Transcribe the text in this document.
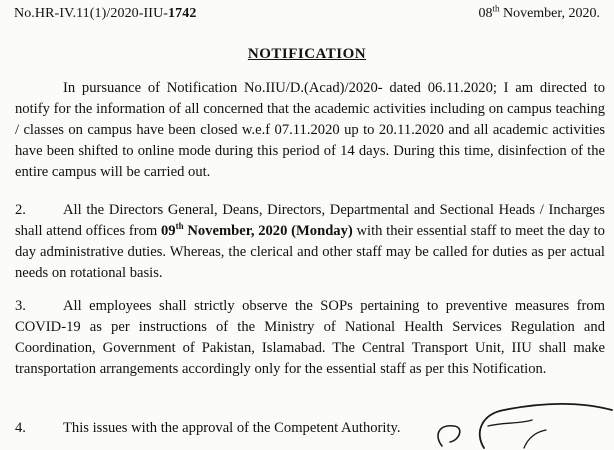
No.HR-IV.11(1)/2020-IIU-1742	08th November, 2020.
NOTIFICATION
In pursuance of Notification No.IIU/D.(Acad)/2020- dated 06.11.2020; I am directed to notify for the information of all concerned that the academic activities including on campus teaching / classes on campus have been closed w.e.f 07.11.2020 up to 20.11.2020 and all academic activities have been shifted to online mode during this period of 14 days. During this time, disinfection of the entire campus will be carried out.
2.	All the Directors General, Deans, Directors, Departmental and Sectional Heads / Incharges shall attend offices from 09th November, 2020 (Monday) with their essential staff to meet the day to day administrative duties. Whereas, the clerical and other staff may be called for duties as per actual needs on rotational basis.
3.	All employees shall strictly observe the SOPs pertaining to preventive measures from COVID-19 as per instructions of the Ministry of National Health Services Regulation and Coordination, Government of Pakistan, Islamabad. The Central Transport Unit, IIU shall make transportation arrangements accordingly only for the essential staff as per this Notification.
4.	This issues with the approval of the Competent Authority.
